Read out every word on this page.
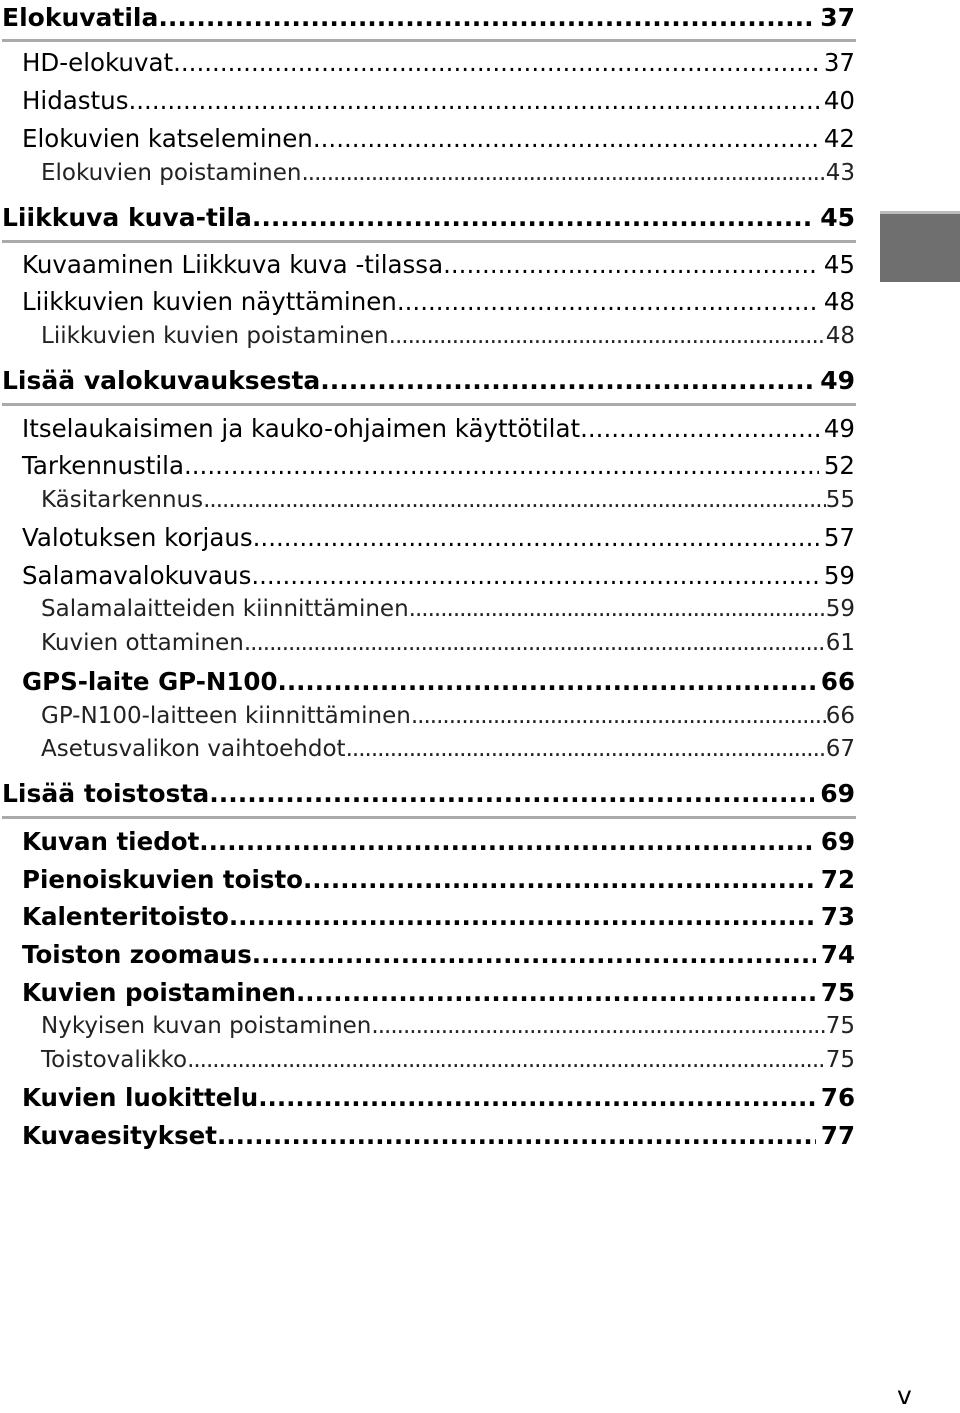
Elokuvatila .....	37
HD-elokuvat .....	37
Hidastus .....	40
Elokuvien katseleminen .....	42
Elokuvien poistaminen .....	43
Liikkuva kuva-tila .....	45
Kuvaaminen Liikkuva kuva -tilassa .....	45
Liikkuvien kuvien näyttäminen .....	48
Liikkuvien kuvien poistaminen .....	48
Lisää valokuvauksesta .....	49
Itselaukaisimen ja kauko-ohjaimen käyttötilat .....	49
Tarkennustila .....	52
Käsitarkennus .....	55
Valotuksen korjaus .....	57
Salamavalokuvaus .....	59
Salamalaitteiden kiinnittäminen .....	59
Kuvien ottaminen .....	61
GPS-laite GP-N100 .....	66
GP-N100-laitteen kiinnittäminen .....	66
Asetusvalikon vaihtoehdot .....	67
Lisää toistosta .....	69
Kuvan tiedot .....	69
Pienoiskuvien toisto .....	72
Kalenteritoisto .....	73
Toiston zoomaus .....	74
Kuvien poistaminen .....	75
Nykyisen kuvan poistaminen .....	75
Toistovalikko .....	75
Kuvien luokittelu .....	76
Kuvaesitykset .....	77
v
